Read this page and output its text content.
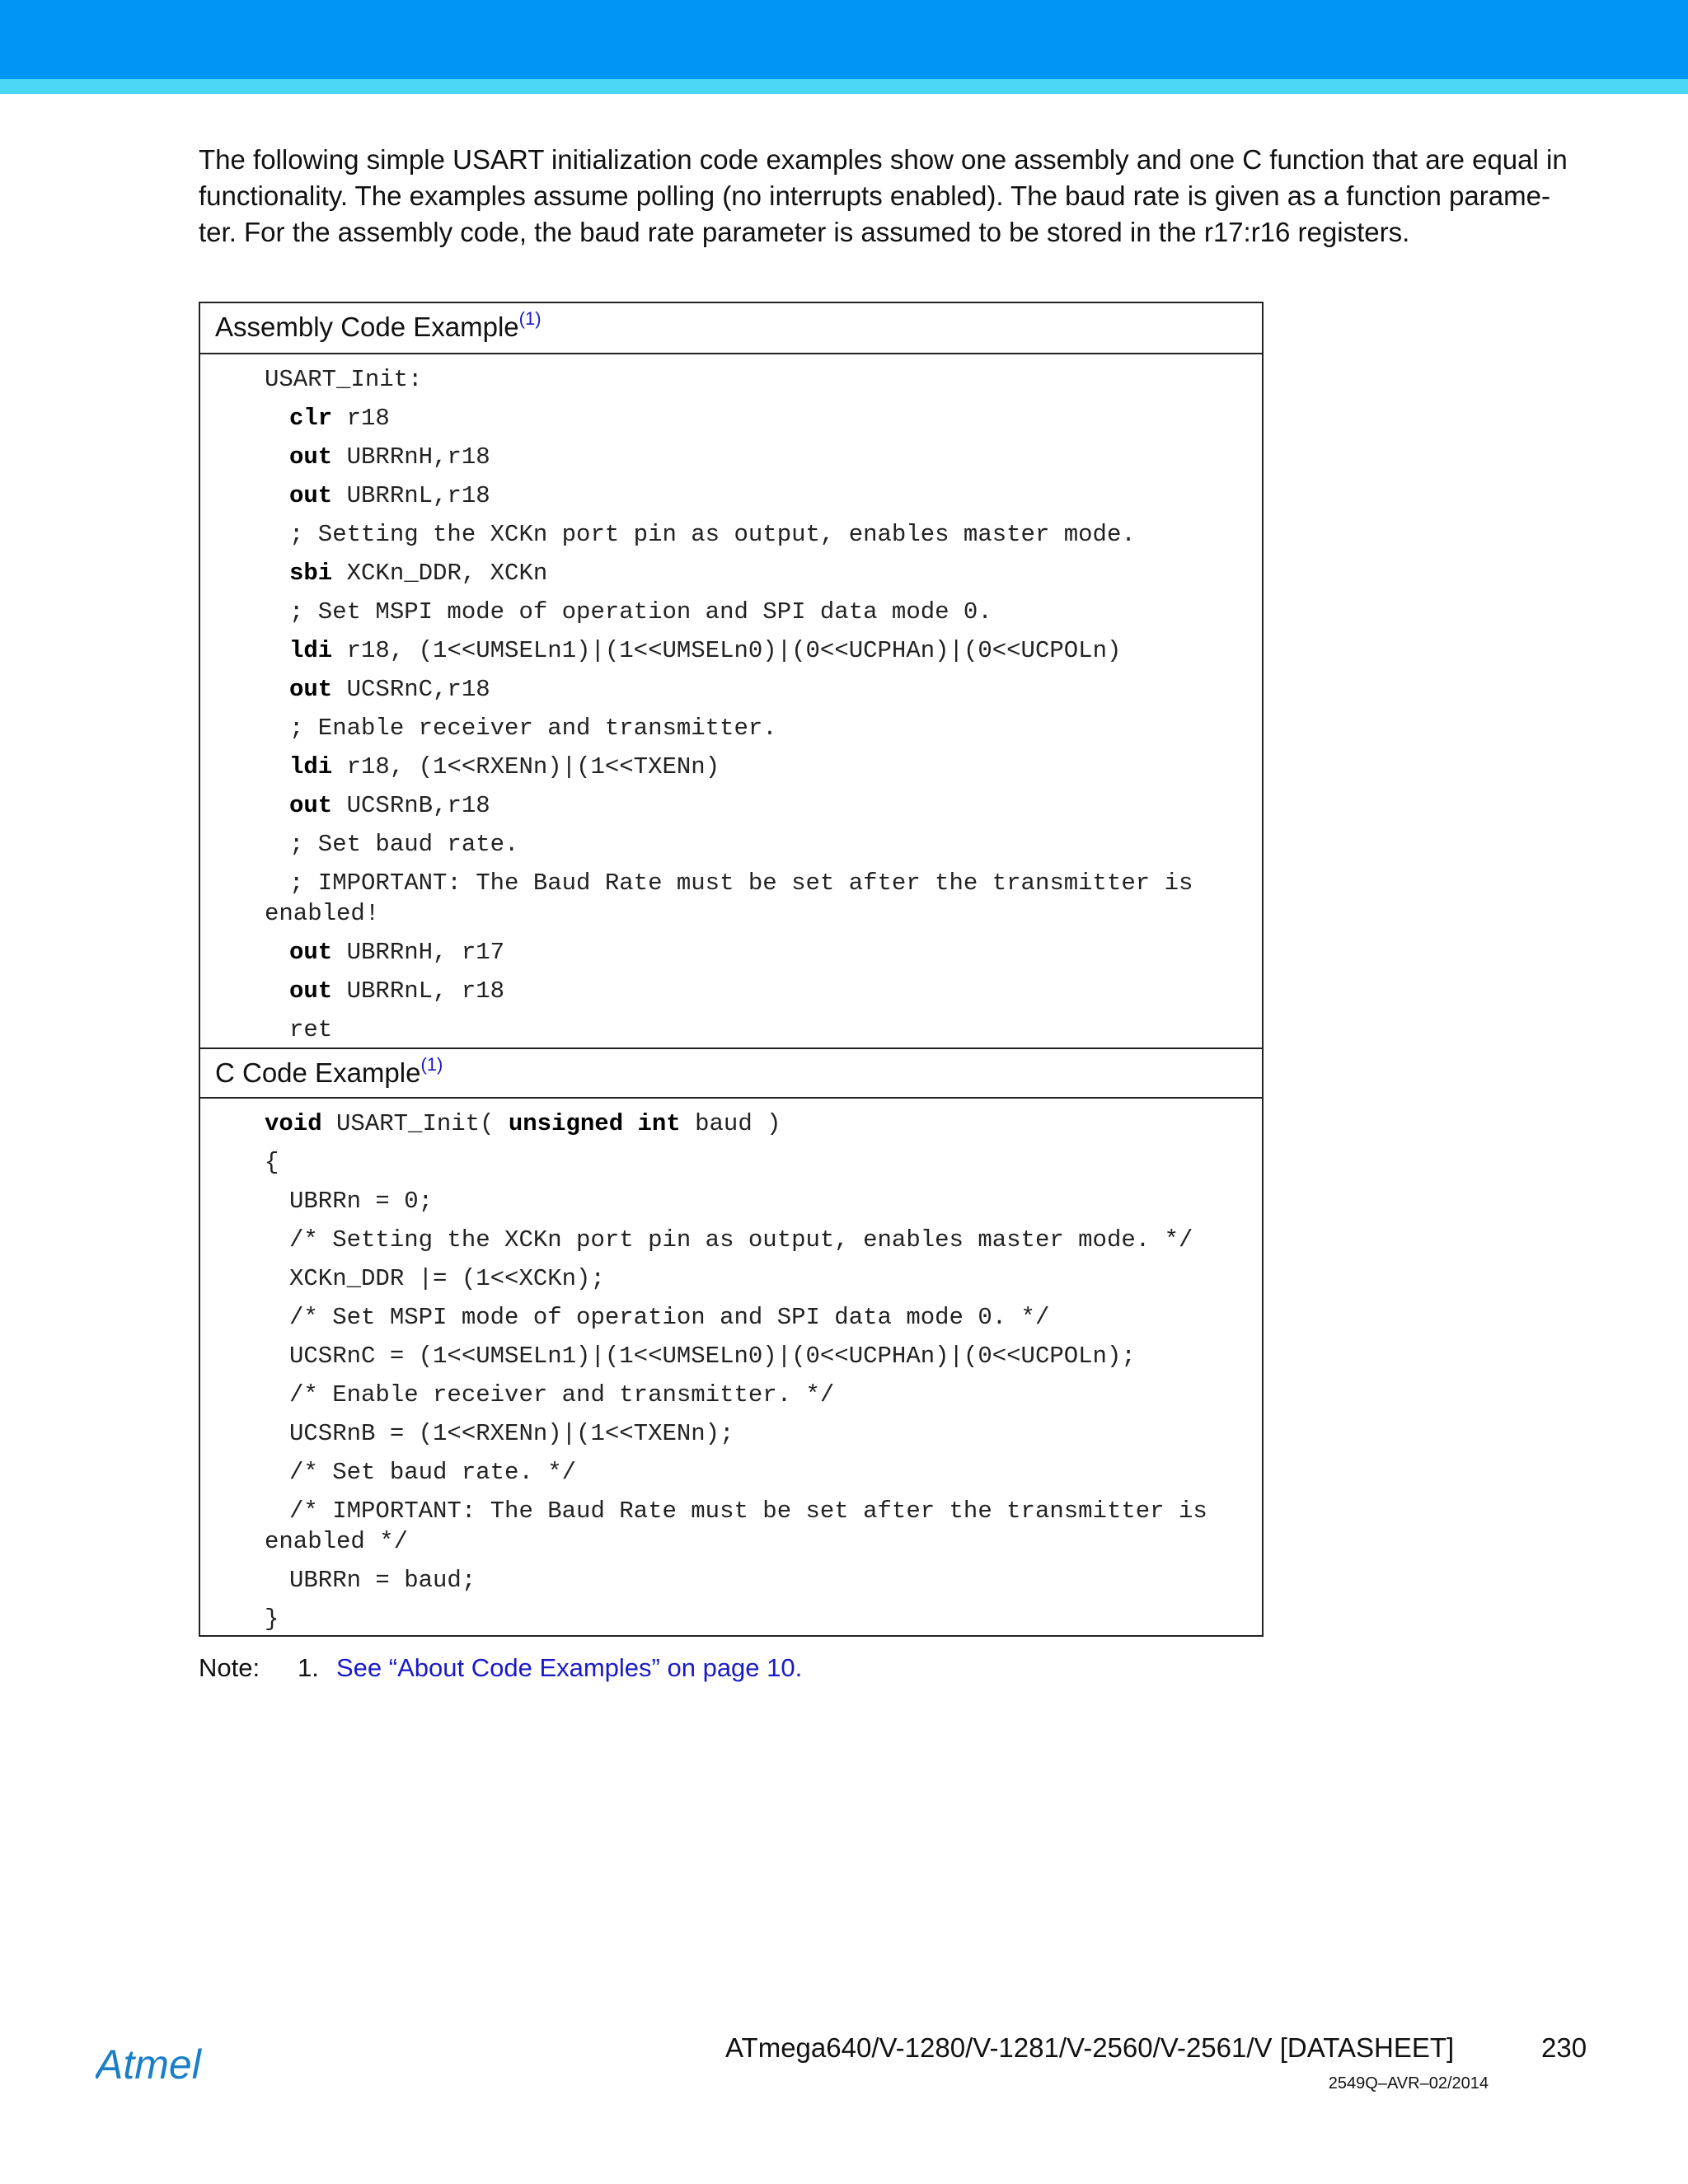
The following simple USART initialization code examples show one assembly and one C function that are equal in
functionality. The examples assume polling (no interrupts enabled). The baud rate is given as a function parame-
ter. For the assembly code, the baud rate parameter is assumed to be stored in the r17:r16 registers.

Assembly Code Example$^{(1)}$
USART_Init:
clr r18
out UBRRnH,r18
out UBRRnL,r18
; Setting the XCKn port pin as output, enables master mode.
sbi XCKn_DDR, XCKn
; Set MSPI mode of operation and SPI data mode 0.
ldi r18, (1<<UMSELn1)|(1<<UMSELn0)|(0<<UCPHAn)|(0<<UCPOLn)
out UCSRnC,r18
; Enable receiver and transmitter.
ldi r18, (1<<RXENn)|(1<<TXENn)
out UCSRnB,r18
; Set baud rate.
; IMPORTANT: The Baud Rate must be set after the transmitter is
enabled!
out UBRRnH, r17
out UBRRnL, r18
ret
C Code Example$^{(1)}$
void USART_Init( unsigned int baud )
{
UBRRn = 0;
/* Setting the XCKn port pin as output, enables master mode. */
XCKn_DDR |= (1<<XCKn);
/* Set MSPI mode of operation and SPI data mode 0. */
UCSRnC = (1<<UMSELn1)|(1<<UMSELn0)|(0<<UCPHAn)|(0<<UCPOLn);
/* Enable receiver and transmitter. */
UCSRnB = (1<<RXENn)|(1<<TXENn);
/* Set baud rate. */
/* IMPORTANT: The Baud Rate must be set after the transmitter is
enabled */
UBRRn = baud;
}
Note: 1. See “About Code Examples” on page 10.
Atmel	ATmega640/V-1280/V-1281/V-2560/V-2561/V [DATASHEET]	230
2549Q–AVR–02/2014
